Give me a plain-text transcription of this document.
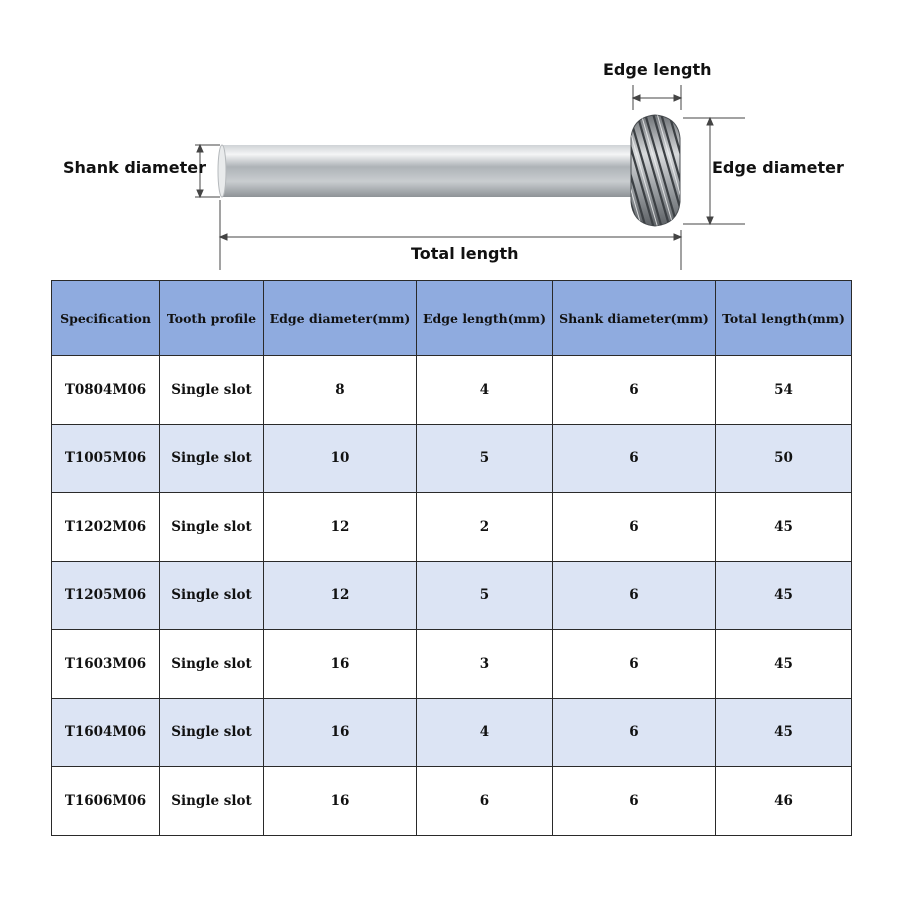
Edge length
Shank diameter	Edge diameter
Total length
Specification	Tooth profile	Edge diameter(mm)	Edge length(mm)	Shank diameter(mm)	Total length(mm)
T0804M06	Single slot	8	4	6	54
T1005M06	Single slot	10	5	6	50
T1202M06	Single slot	12	2	6	45
T1205M06	Single slot	12	5	6	45
T1603M06	Single slot	16	3	6	45
T1604M06	Single slot	16	4	6	45
T1606M06	Single slot	16	6	6	46
